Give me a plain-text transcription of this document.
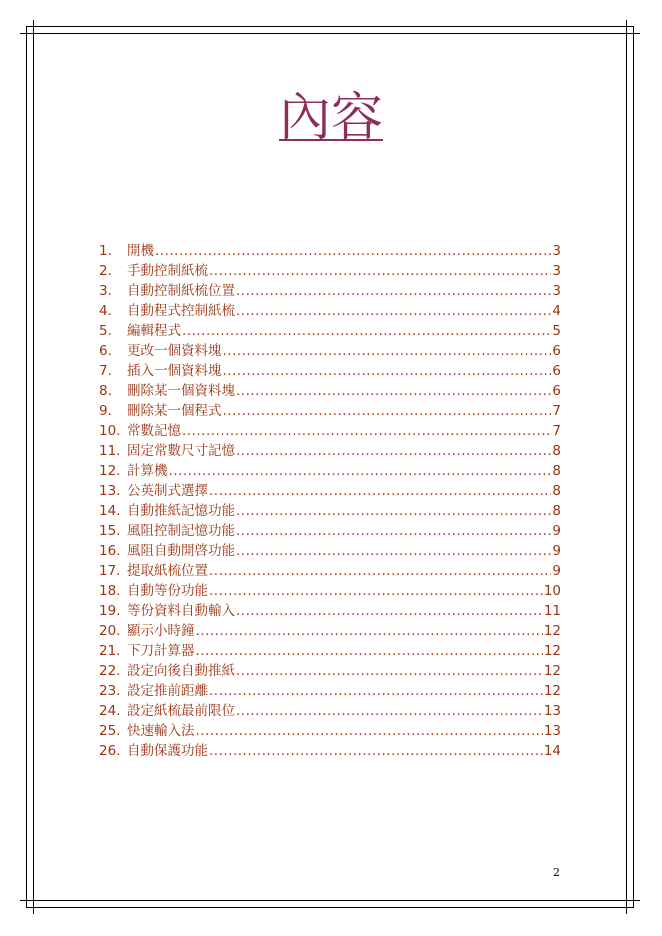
內容
1.	開機 .....	3
2.	手動控制紙梳 .....	3
3.	自動控制紙梳位置 .....	3
4.	自動程式控制紙梳 .....	4
5.	編輯程式 .....	5
6.	更改一個資料塊 .....	6
7.	插入一個資料塊 .....	6
8.	刪除某一個資料塊 .....	6
9.	刪除某一個程式 .....	7
10. 常數記憶 .....	7
11. 固定常數尺寸記憶 .....	8
12. 計算機 .....	8
13. 公英制式選擇 .....	8
14. 自動推紙記憶功能 .....	8
15. 風阻控制記憶功能 .....	9
16. 風阻自動開啓功能 .....	9
17. 提取紙梳位置 .....	9
18. 自動等份功能 .....	10
19. 等份資料自動輸入 .....	11
20. 顯示小時鐘 .....	12
21. 下刀計算器 .....	12
22. 設定向後自動推紙 .....	12
23. 設定推前距離 .....	12
24. 設定紙梳最前限位 .....	13
25. 快速輸入法 .....	13
26. 自動保護功能 .....	14
2
